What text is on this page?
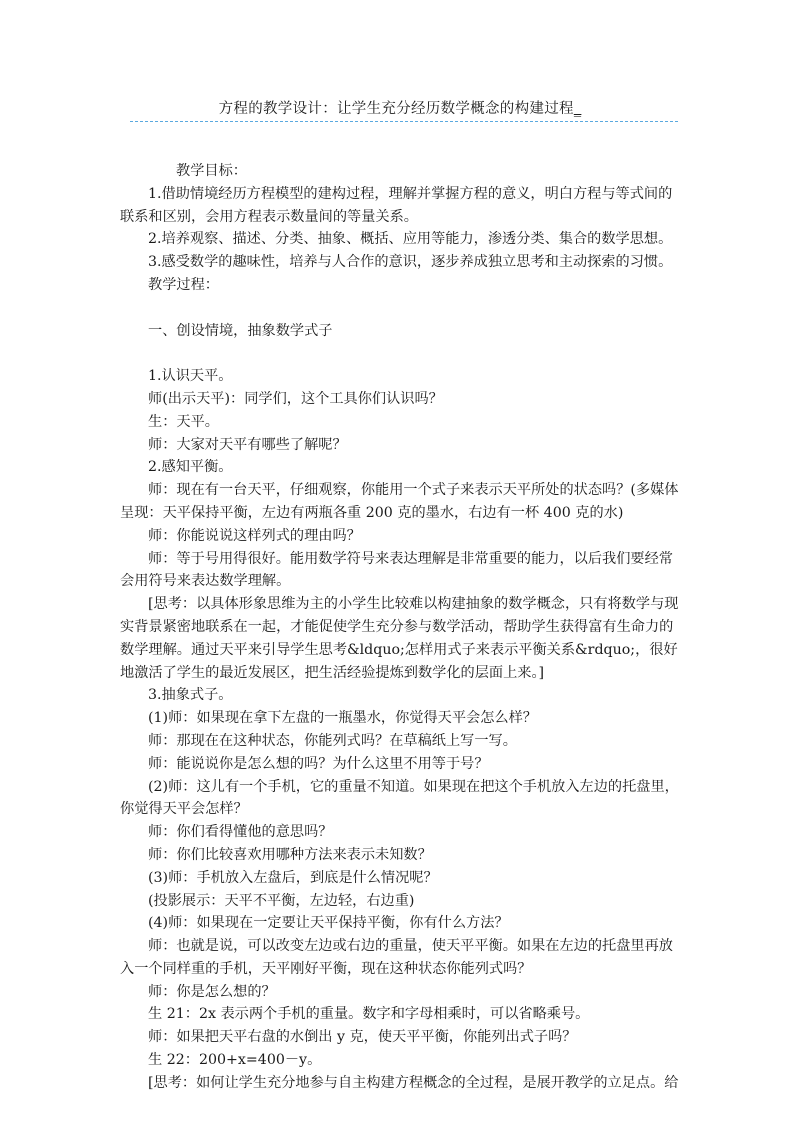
方程的教学设计：让学生充分经历数学概念的构建过程_

教学目标：

1.借助情境经历方程模型的建构过程，理解并掌握方程的意义，明白方程与等式间的联系和区别，会用方程表示数量间的等量关系。

2.培养观察、描述、分类、抽象、概括、应用等能力，渗透分类、集合的数学思想。

3.感受数学的趣味性，培养与人合作的意识，逐步养成独立思考和主动探索的习惯。

教学过程：

一、创设情境，抽象数学式子

1.认识天平。

师(出示天平)：同学们，这个工具你们认识吗？

生：天平。

师：大家对天平有哪些了解呢？

2.感知平衡。

师：现在有一台天平，仔细观察，你能用一个式子来表示天平所处的状态吗？(多媒体呈现：天平保持平衡，左边有两瓶各重 200 克的墨水，右边有一杯 400 克的水)

师：你能说说这样列式的理由吗？

师：等于号用得很好。能用数学符号来表达理解是非常重要的能力，以后我们要经常会用符号来表达数学理解。

[思考：以具体形象思维为主的小学生比较难以构建抽象的数学概念，只有将数学与现实背景紧密地联系在一起，才能促使学生充分参与数学活动，帮助学生获得富有生命力的数学理解。通过天平来引导学生思考&ldquo;怎样用式子来表示平衡关系&rdquo;，很好地激活了学生的最近发展区，把生活经验提炼到数学化的层面上来。]

3.抽象式子。

(1)师：如果现在拿下左盘的一瓶墨水，你觉得天平会怎么样？

师：那现在在这种状态，你能列式吗？在草稿纸上写一写。

师：能说说你是怎么想的吗？为什么这里不用等于号？

(2)师：这儿有一个手机，它的重量不知道。如果现在把这个手机放入左边的托盘里，你觉得天平会怎样？

师：你们看得懂他的意思吗？

师：你们比较喜欢用哪种方法来表示未知数？

(3)师：手机放入左盘后，到底是什么情况呢？

(投影展示：天平不平衡，左边轻，右边重)

(4)师：如果现在一定要让天平保持平衡，你有什么方法？

师：也就是说，可以改变左边或右边的重量，使天平平衡。如果在左边的托盘里再放入一个同样重的手机，天平刚好平衡，现在这种状态你能列式吗？

师：你是怎么想的？

生 21：2x 表示两个手机的重量。数字和字母相乘时，可以省略乘号。

师：如果把天平右盘的水倒出 y 克，使天平平衡，你能列出式子吗？

生 22：200+x=400－y。

[思考：如何让学生充分地参与自主构建方程概念的全过程，是展开教学的立足点。给
